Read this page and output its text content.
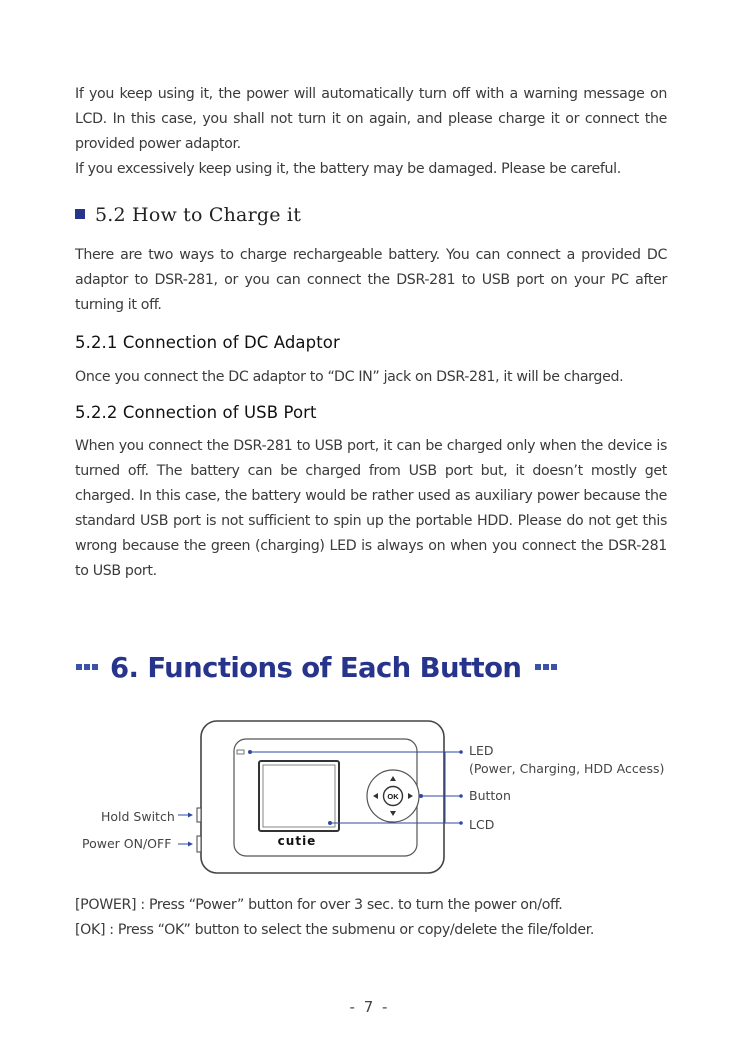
If you keep using it, the power will automatically turn off with a warning message on LCD. In this case, you shall not turn it on again, and please charge it or connect the provided power adaptor.

If you excessively keep using it, the battery may be damaged. Please be careful.

5.2 How to Charge it

There are two ways to charge rechargeable battery. You can connect a provided DC adaptor to DSR-281, or you can connect the DSR-281 to USB port on your PC after turning it off.

5.2.1 Connection of DC Adaptor

Once you connect the DC adaptor to “DC IN” jack on DSR-281, it will be charged.

5.2.2 Connection of USB Port

When you connect the DSR-281 to USB port, it can be charged only when the device is turned off. The battery can be charged from USB port but, it doesn’t mostly get charged. In this case, the battery would be rather used as auxiliary power because the standard USB port is not sufficient to spin up the portable HDD. Please do not get this wrong because the green (charging) LED is always on when you connect the DSR-281 to USB port.

6. Functions of Each Button
OK
cutie
LED
(Power, Charging, HDD Access)
Button
LCD
Hold Switch
Power ON/OFF

[POWER] : Press “Power” button for over 3 sec. to turn the power on/off.

[OK] : Press “OK” button to select the submenu or copy/delete the file/folder.

- 7 -
